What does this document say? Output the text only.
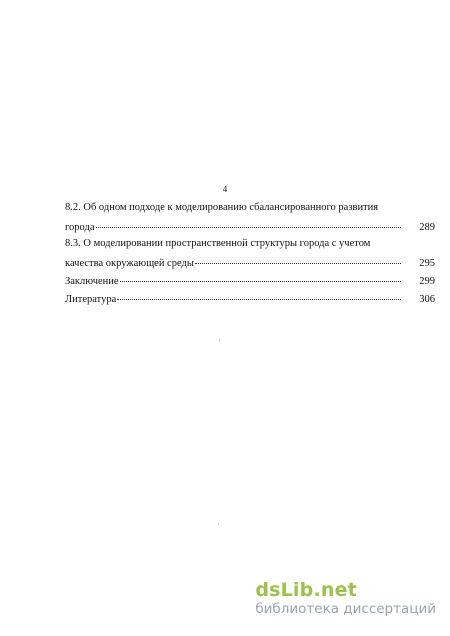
4
8.2. Об одном подходе к моделированию сбалансированного развития
города	289
8.3. О моделировании пространственной структуры города с учетом
качества окружающей среды	295
Заключение	299
Литература	306
dsLib.net
библиотека диссертаций
